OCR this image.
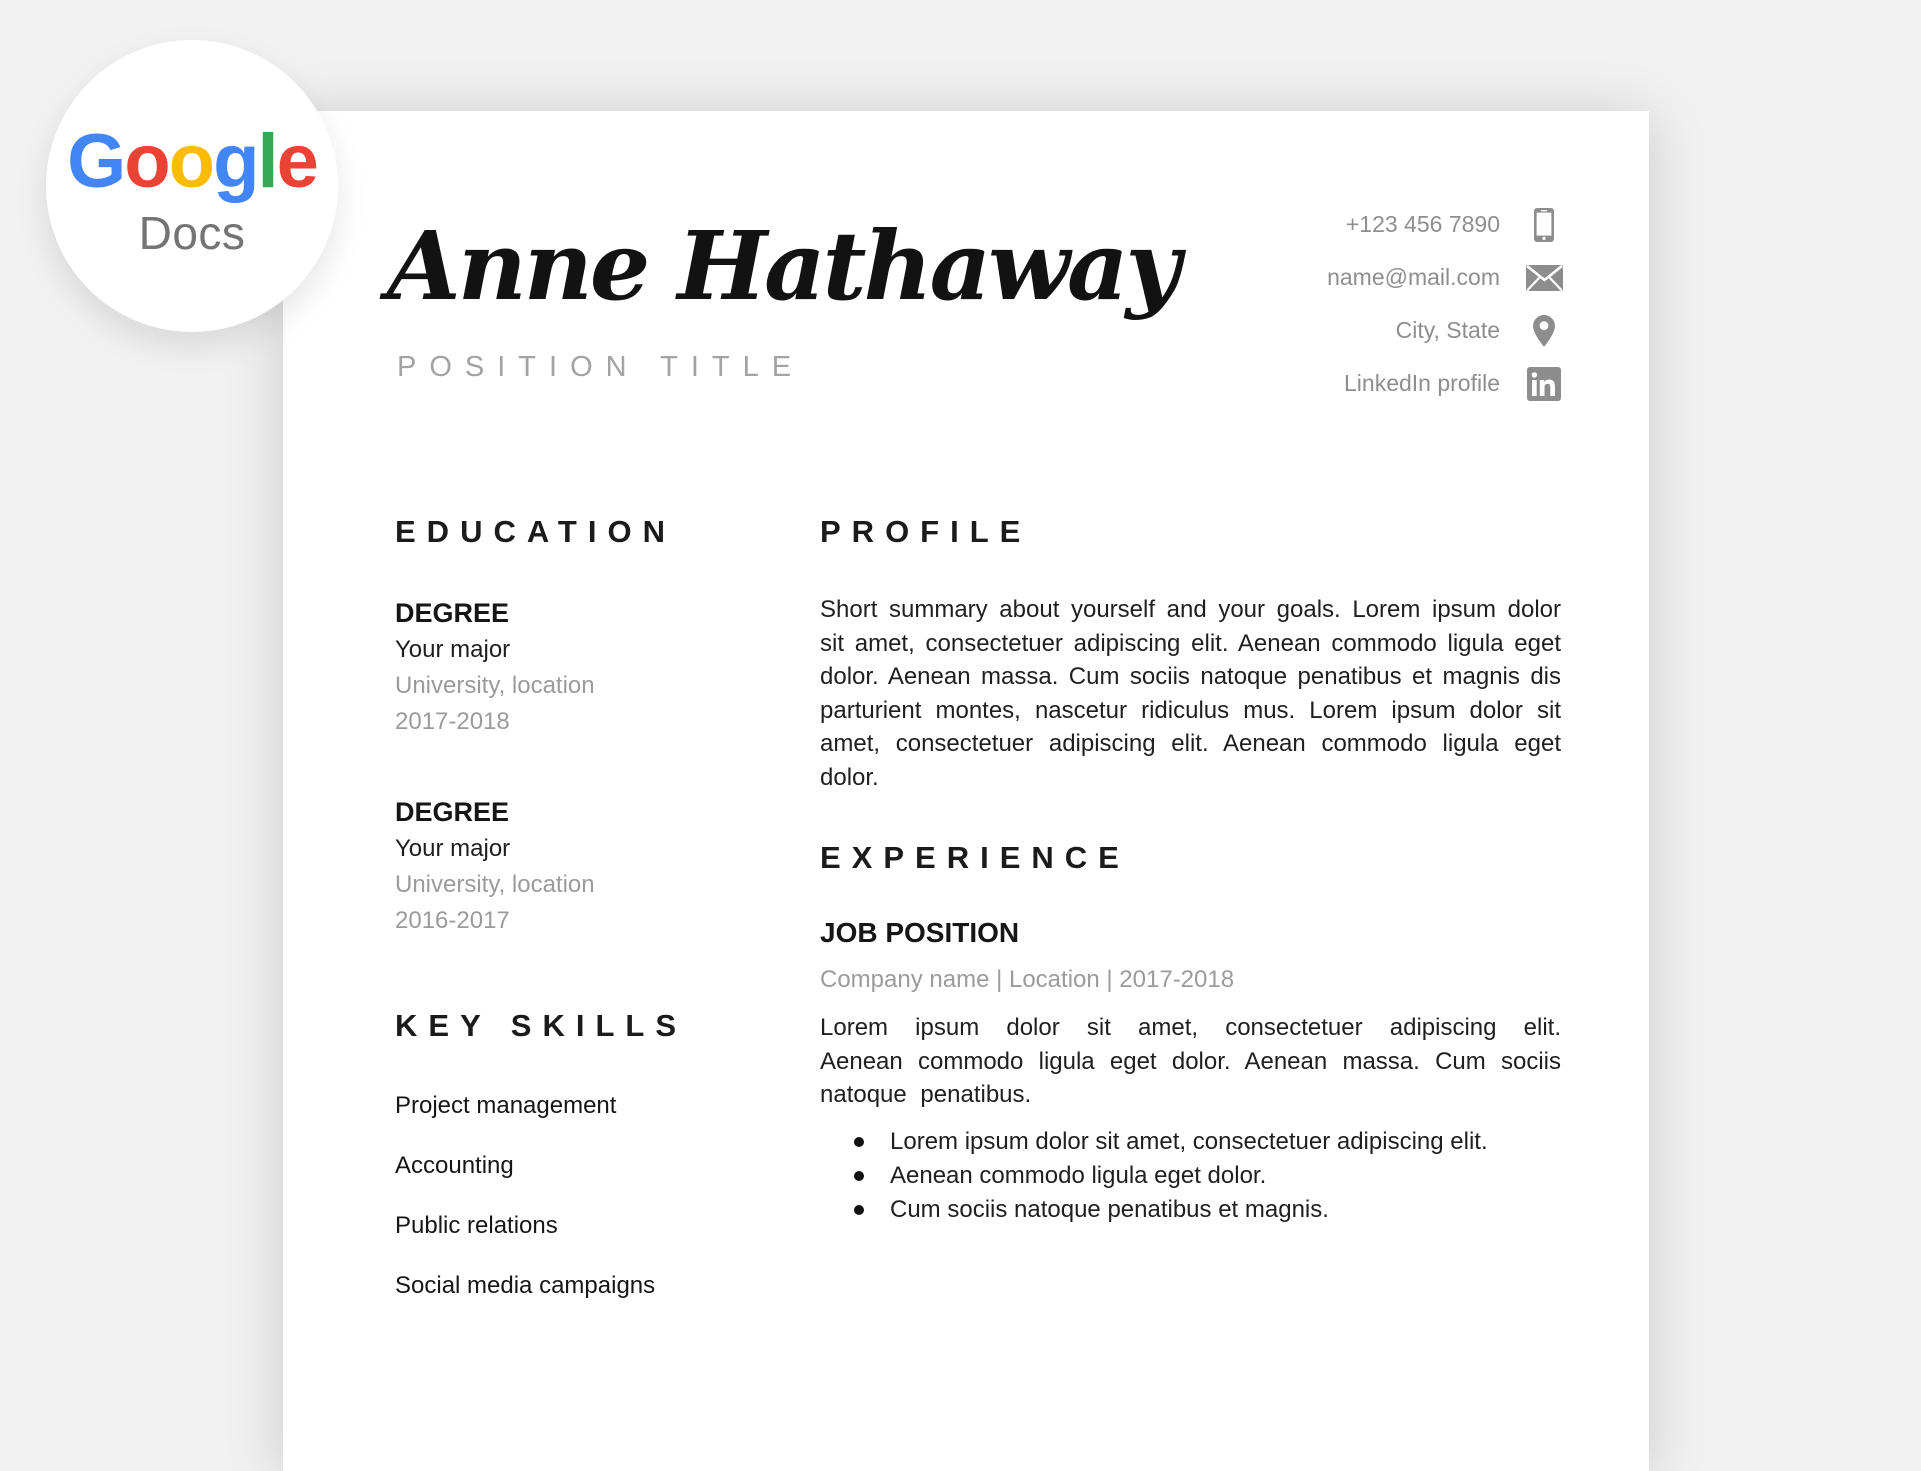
Anne Hathaway
POSITION TITLE
+123 456 7890
name@mail.com
City, State
LinkedIn profile
EDUCATION
DEGREE
Your major
University, location
2017-2018
DEGREE
Your major
University, location
2016-2017
KEY SKILLS
Project management
Accounting
Public relations
Social media campaigns
PROFILE

Short summary about yourself and your goals. Lorem ipsum dolor sit amet, consectetuer adipiscing elit. Aenean commodo ligula eget dolor. Aenean massa. Cum sociis natoque penatibus et magnis dis parturient montes, nascetur ridiculus mus. Lorem ipsum dolor sit amet, consectetuer adipiscing elit. Aenean commodo ligula eget dolor.

EXPERIENCE
JOB POSITION
Company name | Location | 2017-2018

Lorem ipsum dolor sit amet, consectetuer adipiscing elit. Aenean commodo ligula eget dolor. Aenean massa. Cum sociis natoque penatibus.

Lorem ipsum dolor sit amet, consectetuer adipiscing elit.
Aenean commodo ligula eget dolor.
Cum sociis natoque penatibus et magnis.
Google
Docs
